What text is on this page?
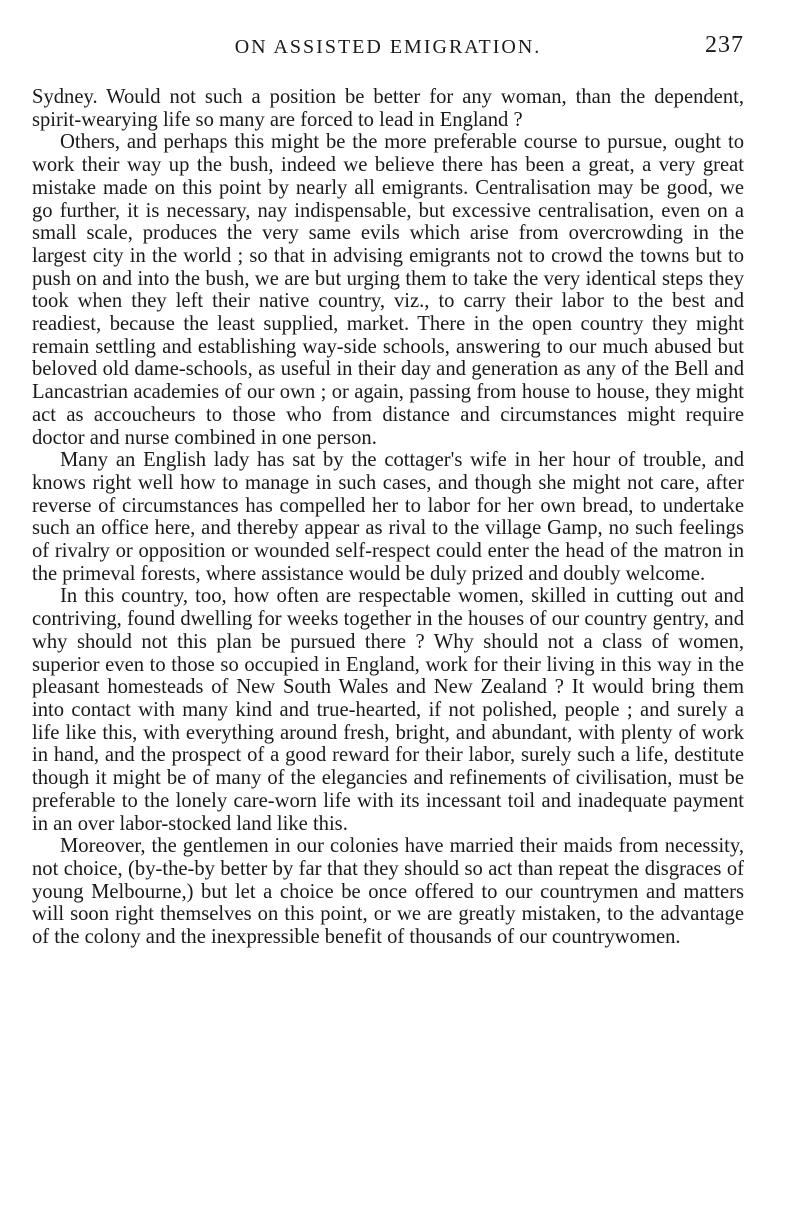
ON ASSISTED EMIGRATION.	237

Sydney. Would not such a position be better for any woman, than the dependent, spirit-wearying life so many are forced to lead in England ?

Others, and perhaps this might be the more preferable course to pursue, ought to work their way up the bush, indeed we believe there has been a great, a very great mistake made on this point by nearly all emigrants. Centralisation may be good, we go further, it is necessary, nay indispensable, but excessive centralisation, even on a small scale, produces the very same evils which arise from overcrowding in the largest city in the world ; so that in advising emigrants not to crowd the towns but to push on and into the bush, we are but urging them to take the very identical steps they took when they left their native country, viz., to carry their labor to the best and readiest, because the least supplied, market. There in the open country they might remain settling and establishing way-side schools, answering to our much abused but beloved old dame-schools, as useful in their day and generation as any of the Bell and Lancastrian academies of our own ; or again, passing from house to house, they might act as accoucheurs to those who from distance and circumstances might require doctor and nurse combined in one person.

Many an English lady has sat by the cottager's wife in her hour of trouble, and knows right well how to manage in such cases, and though she might not care, after reverse of circumstances has compelled her to labor for her own bread, to undertake such an office here, and thereby appear as rival to the village Gamp, no such feelings of rivalry or opposition or wounded self-respect could enter the head of the matron in the primeval forests, where assistance would be duly prized and doubly welcome.

In this country, too, how often are respectable women, skilled in cutting out and contriving, found dwelling for weeks together in the houses of our country gentry, and why should not this plan be pursued there ? Why should not a class of women, superior even to those so occupied in England, work for their living in this way in the pleasant homesteads of New South Wales and New Zealand ? It would bring them into contact with many kind and true-hearted, if not polished, people ; and surely a life like this, with everything around fresh, bright, and abundant, with plenty of work in hand, and the prospect of a good reward for their labor, surely such a life, destitute though it might be of many of the elegancies and refinements of civilisation, must be preferable to the lonely care-worn life with its incessant toil and inadequate payment in an over labor-stocked land like this.

Moreover, the gentlemen in our colonies have married their maids from necessity, not choice, (by-the-by better by far that they should so act than repeat the disgraces of young Melbourne,) but let a choice be once offered to our countrymen and matters will soon right themselves on this point, or we are greatly mistaken, to the advantage of the colony and the inexpressible benefit of thousands of our countrywomen.
